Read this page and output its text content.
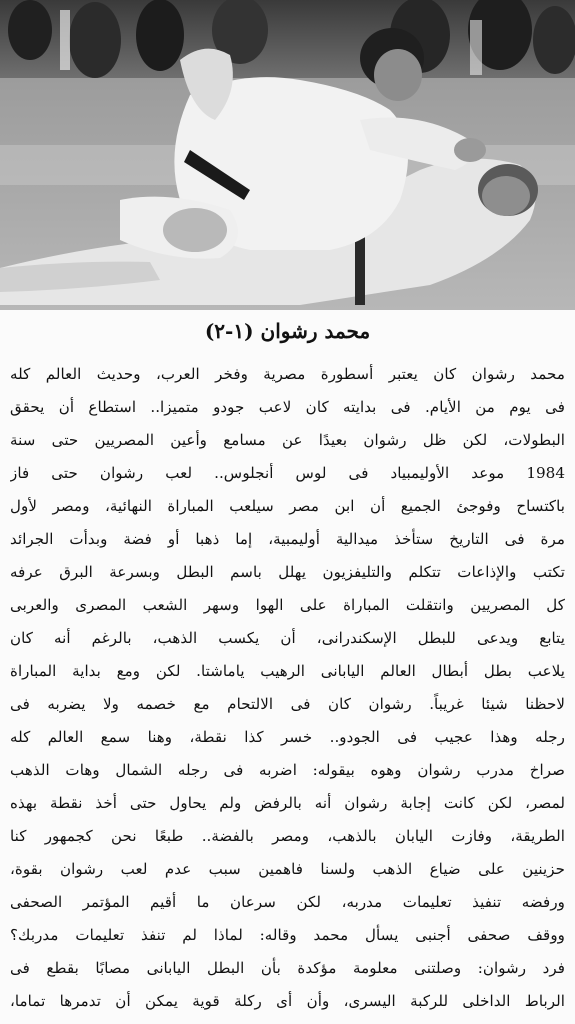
محمد رشوان (١-٢)
محمد رشوان كان يعتبر أسطورة مصرية وفخر العرب، وحديث العالم كله
فى يوم من الأيام. فى بدايته كان لاعب جودو متميزا.. استطاع أن يحقق
البطولات، لكن ظل رشوان بعيدًا عن مسامع وأعين المصريين حتى سنة
1984 موعد الأوليمبياد فى لوس أنجلوس.. لعب رشوان حتى فاز
باكتساح وفوجئ الجميع أن ابن مصر سيلعب المباراة النهائية، ومصر لأول
مرة فى التاريخ ستأخذ ميدالية أوليمبية، إما ذهبا أو فضة وبدأت الجرائد
تكتب والإذاعات تتكلم والتليفزيون يهلل باسم البطل وبسرعة البرق عرفه
كل المصريين وانتقلت المباراة على الهوا وسهر الشعب المصرى والعربى
يتابع ويدعى للبطل الإسكندرانى، أن يكسب الذهب، بالرغم أنه كان
يلاعب بطل أبطال العالم اليابانى الرهيب ياماشتا. لكن ومع بداية المباراة
لاحظنا شيئا غريباً. رشوان كان فى الالتحام مع خصمه ولا يضربه فى
رجله وهذا عجيب فى الجودو.. خسر كذا نقطة، وهنا سمع العالم كله
صراخ مدرب رشوان وهوه بيقوله: اضربه فى رجله الشمال وهات الذهب
لمصر، لكن كانت إجابة رشوان أنه بالرفض ولم يحاول حتى أخذ نقطة بهذه
الطريقة، وفازت اليابان بالذهب، ومصر بالفضة.. طبعًا نحن كجمهور كنا
حزينين على ضياع الذهب ولسنا فاهمين سبب عدم لعب رشوان بقوة،
ورفضه تنفيذ تعليمات مدربه، لكن سرعان ما أقيم المؤتمر الصحفى
ووقف صحفى أجنبى يسأل محمد وقاله: لماذا لم تنفذ تعليمات مدربك؟
فرد رشوان: وصلتنى معلومة مؤكدة بأن البطل اليابانى مصابًا بقطع فى
الرباط الداخلى للركبة اليسرى، وأن أى ركلة قوية يمكن أن تدمرها تماما،
